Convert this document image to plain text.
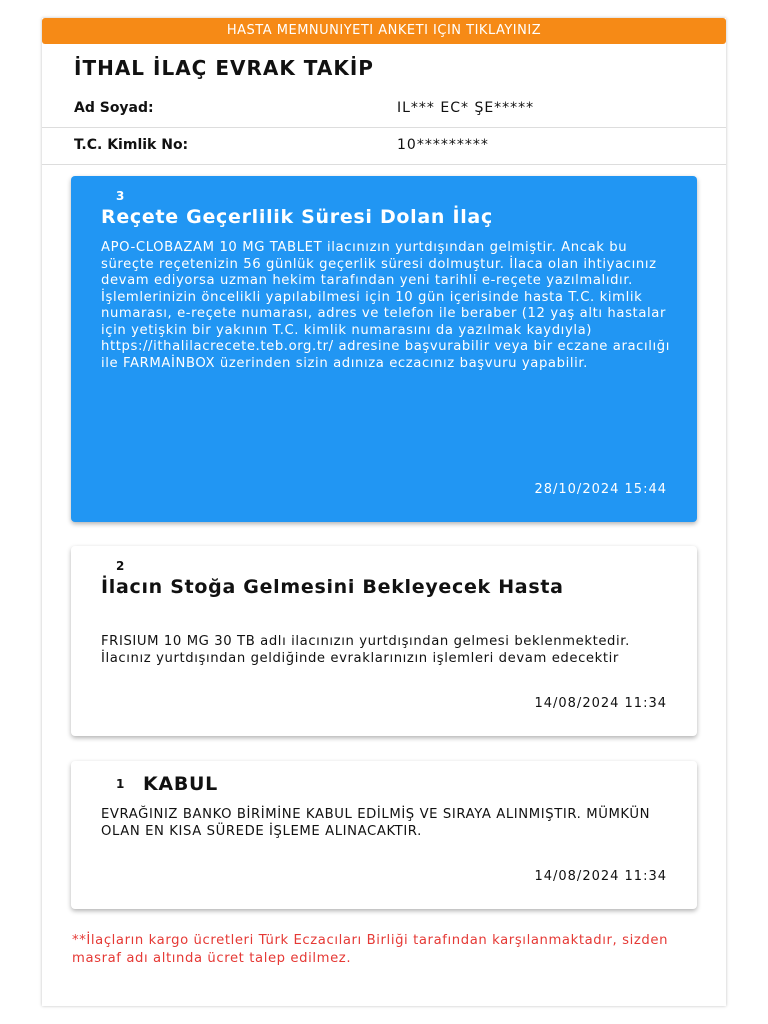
HASTA MEMNUNIYETI ANKETI IÇIN TIKLAYINIZ
İTHAL İLAÇ EVRAK TAKİP
Ad Soyad:	IL*** EC* ŞE*****
T.C. Kimlik No:	10*********
3
Reçete Geçerlilik Süresi Dolan İlaç
APO-CLOBAZAM 10 MG TABLET ilacınızın yurtdışından gelmiştir. Ancak bu süreçte reçetenizin 56 günlük geçerlik süresi dolmuştur. İlaca olan ihtiyacınız devam ediyorsa uzman hekim tarafından yeni tarihli e-reçete yazılmalıdır. İşlemlerinizin öncelikli yapılabilmesi için 10 gün içerisinde hasta T.C. kimlik numarası, e-reçete numarası, adres ve telefon ile beraber (12 yaş altı hastalar için yetişkin bir yakının T.C. kimlik numarasını da yazılmak kaydıyla) https://ithalilacrecete.teb.org.tr/ adresine başvurabilir veya bir eczane aracılığı ile FARMAİNBOX üzerinden sizin adınıza eczacınız başvuru yapabilir.
28/10/2024 15:44
2
İlacın Stoğa Gelmesini Bekleyecek Hasta
FRISIUM 10 MG 30 TB adlı ilacınızın yurtdışından gelmesi beklenmektedir. İlacınız yurtdışından geldiğinde evraklarınızın işlemleri devam edecektir
14/08/2024 11:34
1 KABUL
EVRAĞINIZ BANKO BİRİMİNE KABUL EDİLMİŞ VE SIRAYA ALINMIŞTIR. MÜMKÜN OLAN EN KISA SÜREDE İŞLEME ALINACAKTIR.
14/08/2024 11:34
**İlaçların kargo ücretleri Türk Eczacıları Birliği tarafından karşılanmaktadır, sizden masraf adı altında ücret talep edilmez.
